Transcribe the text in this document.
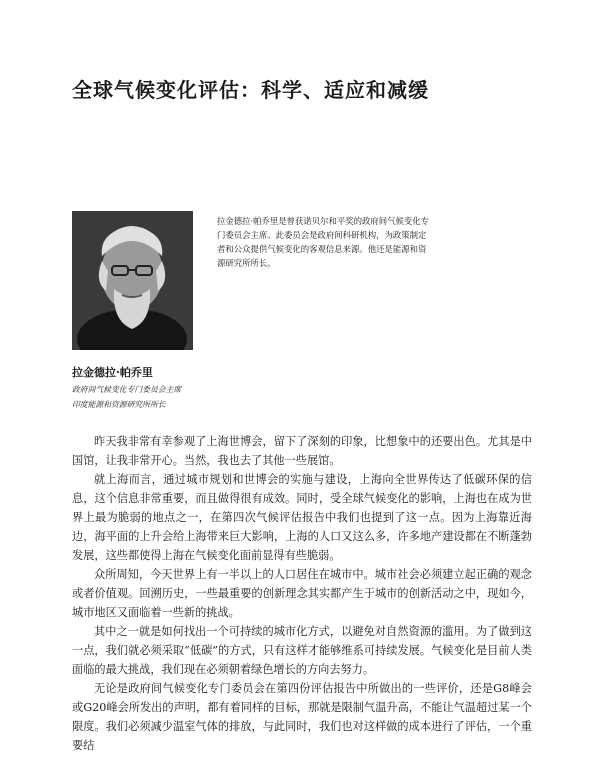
全球气候变化评估：科学、适应和减缓

拉金德拉·帕乔里是曾获诺贝尔和平奖的政府间气候变化专门委员会主席。此委员会是政府间科研机构，为政策制定者和公众提供气候变化的客观信息来源。他还是能源和资源研究所所长。

拉金德拉·帕乔里

政府间气候变化专门委员会主席

印度能源和资源研究所所长

昨天我非常有幸参观了上海世博会，留下了深刻的印象，比想象中的还要出色。尤其是中国馆，让我非常开心。当然，我也去了其他一些展馆。

就上海而言，通过城市规划和世博会的实施与建设，上海向全世界传达了低碳环保的信息，这个信息非常重要，而且做得很有成效。同时，受全球气候变化的影响，上海也在成为世界上最为脆弱的地点之一，在第四次气候评估报告中我们也提到了这一点。因为上海靠近海边，海平面的上升会给上海带来巨大影响，上海的人口又这么多，许多地产建设都在不断蓬勃发展，这些都使得上海在气候变化面前显得有些脆弱。

众所周知，今天世界上有一半以上的人口居住在城市中。城市社会必须建立起正确的观念或者价值观。回溯历史，一些最重要的创新理念其实都产生于城市的创新活动之中，现如今，城市地区又面临着一些新的挑战。

其中之一就是如何找出一个可持续的城市化方式，以避免对自然资源的滥用。为了做到这一点，我们就必须采取“低碳”的方式，只有这样才能够维系可持续发展。气候变化是目前人类面临的最大挑战，我们现在必须朝着绿色增长的方向去努力。

无论是政府间气候变化专门委员会在第四份评估报告中所做出的一些评价，还是G8峰会或G20峰会所发出的声明，都有着同样的目标，那就是限制气温升高，不能让气温超过某一个限度。我们必须减少温室气体的排放，与此同时，我们也对这样做的成本进行了评估，一个重要结
